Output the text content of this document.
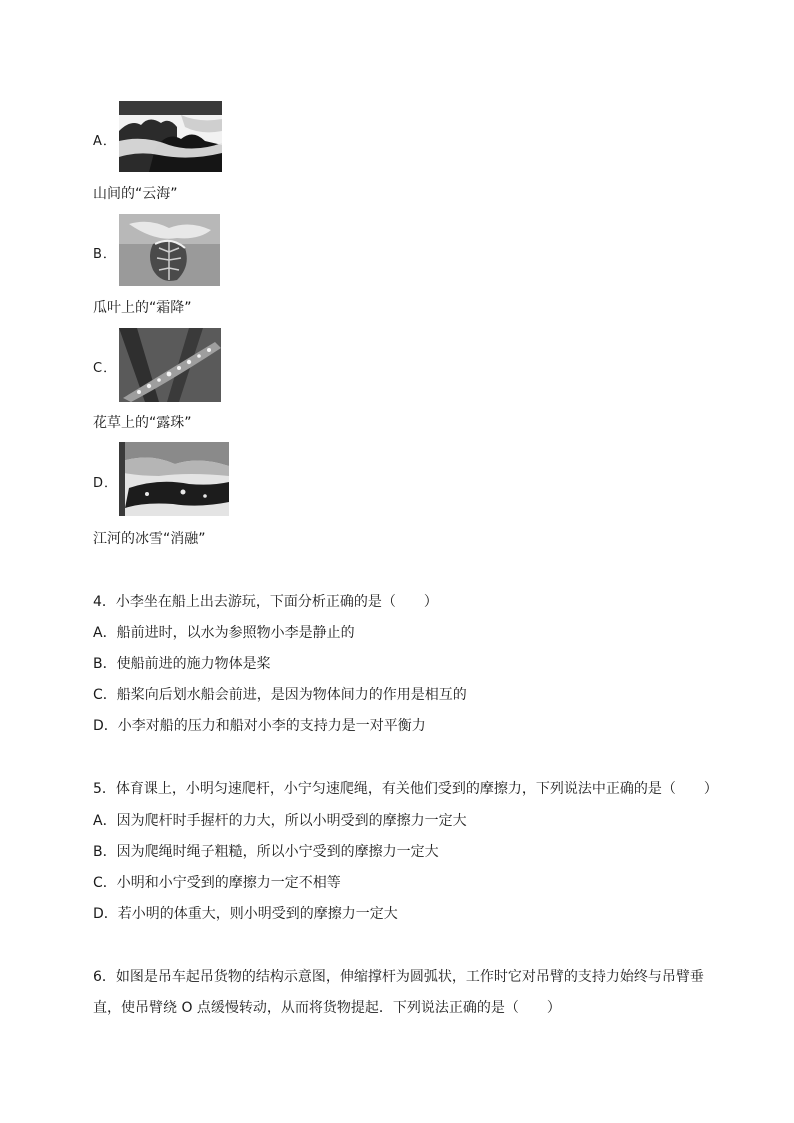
A．
山间的“云海”
B．
瓜叶上的“霜降”
C．
花草上的“露珠”
D．
江河的冰雪“消融”
4．小李坐在船上出去游玩，下面分析正确的是（　　）
A．船前进时，以水为参照物小李是静止的
B．使船前进的施力物体是桨
C．船桨向后划水船会前进，是因为物体间力的作用是相互的
D．小李对船的压力和船对小李的支持力是一对平衡力
5．体育课上，小明匀速爬杆，小宁匀速爬绳，有关他们受到的摩擦力，下列说法中正确的是（　　）
A．因为爬杆时手握杆的力大，所以小明受到的摩擦力一定大
B．因为爬绳时绳子粗糙，所以小宁受到的摩擦力一定大
C．小明和小宁受到的摩擦力一定不相等
D．若小明的体重大，则小明受到的摩擦力一定大
6．如图是吊车起吊货物的结构示意图，伸缩撑杆为圆弧状，工作时它对吊臂的支持力始终与吊臂垂
直，使吊臂绕 O 点缓慢转动，从而将货物提起．下列说法正确的是（　　）
